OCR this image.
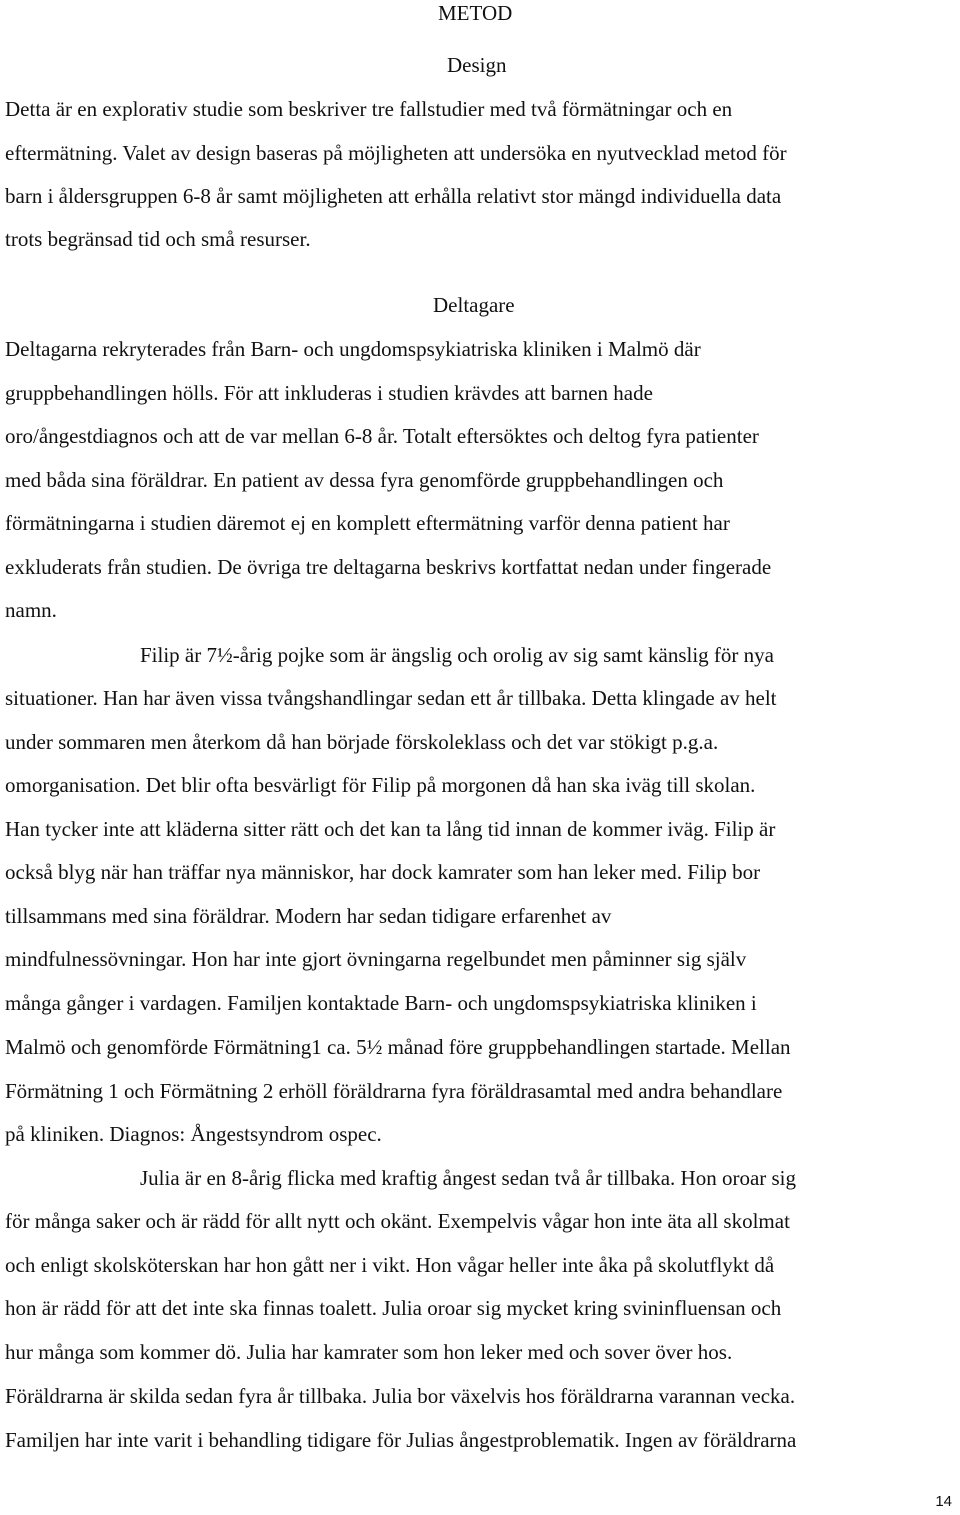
METOD
Design

Detta är en explorativ studie som beskriver tre fallstudier med två förmätningar och en

eftermätning. Valet av design baseras på möjligheten att undersöka en nyutvecklad metod för

barn i åldersgruppen 6-8 år samt möjligheten att erhålla relativt stor mängd individuella data

trots begränsad tid och små resurser.

Deltagare

Deltagarna rekryterades från Barn- och ungdomspsykiatriska kliniken i Malmö där

gruppbehandlingen hölls. För att inkluderas i studien krävdes att barnen hade

oro/ångestdiagnos och att de var mellan 6-8 år. Totalt eftersöktes och deltog fyra patienter

med båda sina föräldrar. En patient av dessa fyra genomförde gruppbehandlingen och

förmätningarna i studien däremot ej en komplett eftermätning varför denna patient har

exkluderats från studien. De övriga tre deltagarna beskrivs kortfattat nedan under fingerade

namn.

Filip är 7½-årig pojke som är ängslig och orolig av sig samt känslig för nya

situationer. Han har även vissa tvångshandlingar sedan ett år tillbaka. Detta klingade av helt

under sommaren men återkom då han började förskoleklass och det var stökigt p.g.a.

omorganisation. Det blir ofta besvärligt för Filip på morgonen då han ska iväg till skolan.

Han tycker inte att kläderna sitter rätt och det kan ta lång tid innan de kommer iväg. Filip är

också blyg när han träffar nya människor, har dock kamrater som han leker med. Filip bor

tillsammans med sina föräldrar. Modern har sedan tidigare erfarenhet av

mindfulnessövningar. Hon har inte gjort övningarna regelbundet men påminner sig själv

många gånger i vardagen. Familjen kontaktade Barn- och ungdomspsykiatriska kliniken i

Malmö och genomförde Förmätning1 ca. 5½ månad före gruppbehandlingen startade. Mellan

Förmätning 1 och Förmätning 2 erhöll föräldrarna fyra föräldrasamtal med andra behandlare

på kliniken. Diagnos: Ångestsyndrom ospec.

Julia är en 8-årig flicka med kraftig ångest sedan två år tillbaka. Hon oroar sig

för många saker och är rädd för allt nytt och okänt. Exempelvis vågar hon inte äta all skolmat

och enligt skolsköterskan har hon gått ner i vikt. Hon vågar heller inte åka på skolutflykt då

hon är rädd för att det inte ska finnas toalett. Julia oroar sig mycket kring svininfluensan och

hur många som kommer dö. Julia har kamrater som hon leker med och sover över hos.

Föräldrarna är skilda sedan fyra år tillbaka. Julia bor växelvis hos föräldrarna varannan vecka.

Familjen har inte varit i behandling tidigare för Julias ångestproblematik. Ingen av föräldrarna

14
